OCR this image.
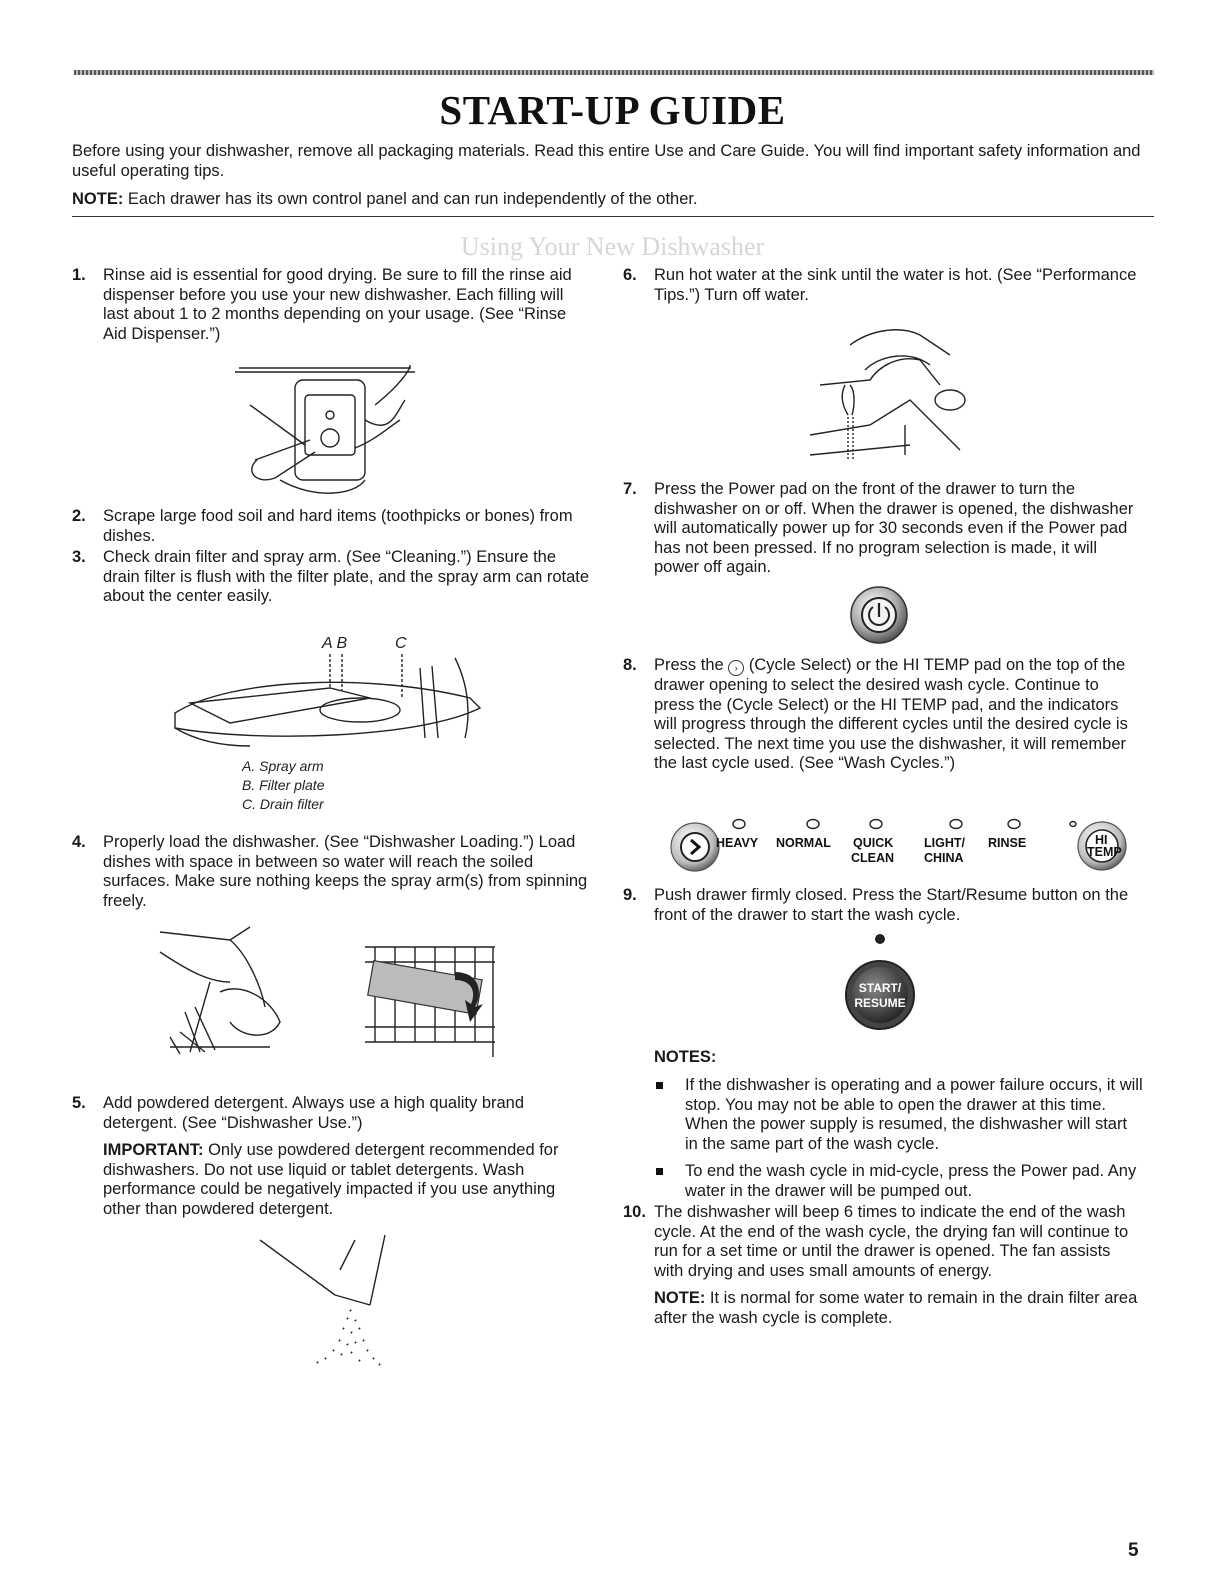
START-UP GUIDE

Before using your dishwasher, remove all packaging materials. Read this entire Use and Care Guide. You will find important safety information and useful operating tips.

NOTE: Each drawer has its own control panel and can run independently of the other.

Using Your New Dishwasher
1. Rinse aid is essential for good drying. Be sure to fill the rinse aid dispenser before you use your new dishwasher. Each filling will last about 1 to 2 months depending on your usage. (See “Rinse Aid Dispenser.”)

2. Scrape large food soil and hard items (toothpicks or bones) from dishes.

3. Check drain filter and spray arm. (See “Cleaning.”) Ensure the drain filter is flush with the filter plate, and the spray arm can rotate about the center easily.

A B	C
A. Spray arm
B. Filter plate
C. Drain filter
4. Properly load the dishwasher. (See “Dishwasher Loading.”) Load dishes with space in between so water will reach the soiled surfaces. Make sure nothing keeps the spray arm(s) from spinning freely.

5. Add powdered detergent. Always use a high quality brand detergent. (See “Dishwasher Use.”)

IMPORTANT: Only use powdered detergent recommended for dishwashers. Do not use liquid or tablet detergents. Wash performance could be negatively impacted if you use anything other than powdered detergent.

6. Run hot water at the sink until the water is hot. (See “Performance Tips.”) Turn off water.

7. Press the Power pad on the front of the drawer to turn the dishwasher on or off. When the drawer is opened, the dishwasher will automatically power up for 30 seconds even if the Power pad has not been pressed. If no program selection is made, it will power off again.

8. Press the › (Cycle Select) or the HI TEMP pad on the top of the drawer opening to select the desired wash cycle. Continue to press the (Cycle Select) or the HI TEMP pad, and the indicators will progress through the different cycles until the desired cycle is selected. The next time you use the dishwasher, it will remember the last cycle used. (See “Wash Cycles.”)

HEAVY NORMAL QUICK
CLEAN
LIGHT/
CHINA
RINSE	HI
TEMP
9. Push drawer firmly closed. Press the Start/Resume button on the front of the drawer to start the wash cycle.

START/
RESUME
NOTES:
If the dishwasher is operating and a power failure occurs, it will stop. You may not be able to open the drawer at this time. When the power supply is resumed, the dishwasher will start in the same part of the wash cycle.
To end the wash cycle in mid-cycle, press the Power pad. Any water in the drawer will be pumped out.
10. The dishwasher will beep 6 times to indicate the end of the wash cycle. At the end of the wash cycle, the drying fan will continue to run for a set time or until the drawer is opened. The fan assists with drying and uses small amounts of energy.

NOTE: It is normal for some water to remain in the drain filter area after the wash cycle is complete.

5
